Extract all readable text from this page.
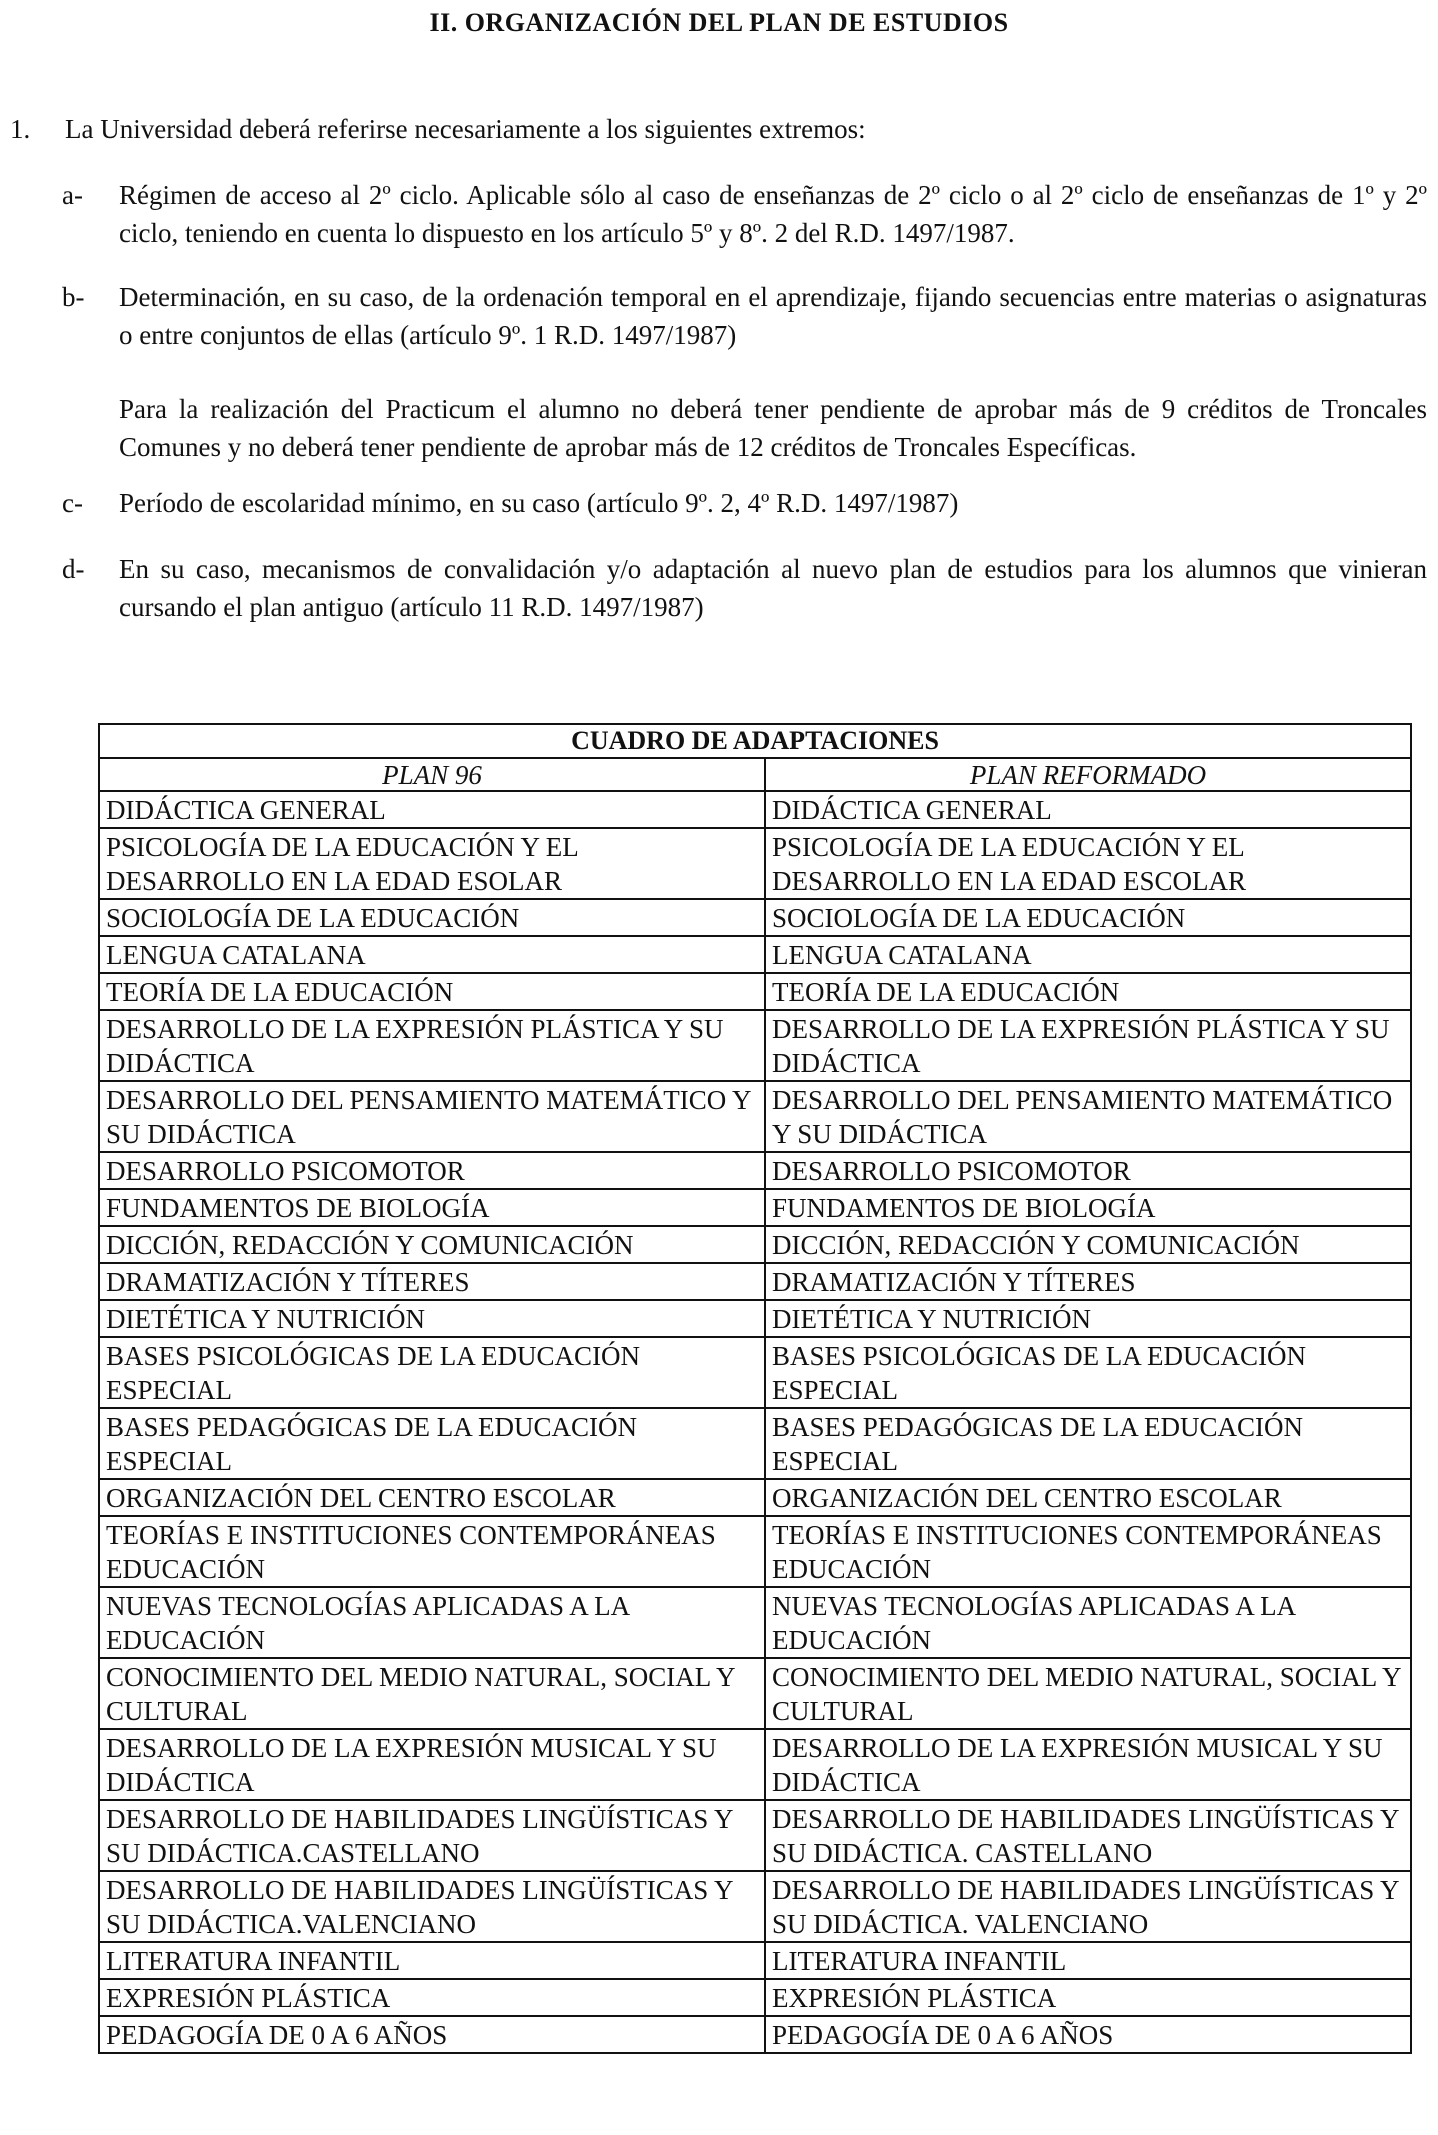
II. ORGANIZACIÓN DEL PLAN DE ESTUDIOS

1. La Universidad deberá referirse necesariamente a los siguientes extremos:

a-	Régimen de acceso al 2º ciclo. Aplicable sólo al caso de enseñanzas de 2º ciclo o al 2º ciclo de enseñanzas de 1º y 2º ciclo, teniendo en cuenta lo dispuesto en los artículo 5º y 8º. 2 del R.D. 1497/1987.

b-	Determinación, en su caso, de la ordenación temporal en el aprendizaje, fijando secuencias entre materias o asignaturas o entre conjuntos de ellas (artículo 9º. 1 R.D. 1497/1987)

Para la realización del Practicum el alumno no deberá tener pendiente de aprobar más de 9 créditos de Troncales Comunes y no deberá tener pendiente de aprobar más de 12 créditos de Troncales Específicas.

c-	Período de escolaridad mínimo, en su caso (artículo 9º. 2, 4º R.D. 1497/1987)

d-	En su caso, mecanismos de convalidación y/o adaptación al nuevo plan de estudios para los alumnos que vinieran cursando el plan antiguo (artículo 11 R.D. 1497/1987)

CUADRO DE ADAPTACIONES	
PLAN 96	PLAN REFORMADO
DIDÁCTICA GENERAL	DIDÁCTICA GENERAL
PSICOLOGÍA DE LA EDUCACIÓN Y EL DESARROLLO EN LA EDAD ESOLAR	PSICOLOGÍA DE LA EDUCACIÓN Y EL DESARROLLO EN LA EDAD ESCOLAR
SOCIOLOGÍA DE LA EDUCACIÓN	SOCIOLOGÍA DE LA EDUCACIÓN
LENGUA CATALANA	LENGUA CATALANA
TEORÍA DE LA EDUCACIÓN	TEORÍA DE LA EDUCACIÓN
DESARROLLO DE LA EXPRESIÓN PLÁSTICA Y SU DIDÁCTICA	DESARROLLO DE LA EXPRESIÓN PLÁSTICA Y SU DIDÁCTICA
DESARROLLO DEL PENSAMIENTO MATEMÁTICO Y SU DIDÁCTICA	DESARROLLO DEL PENSAMIENTO MATEMÁTICO Y SU DIDÁCTICA
DESARROLLO PSICOMOTOR	DESARROLLO PSICOMOTOR
FUNDAMENTOS DE BIOLOGÍA	FUNDAMENTOS DE BIOLOGÍA
DICCIÓN, REDACCIÓN Y COMUNICACIÓN	DICCIÓN, REDACCIÓN Y COMUNICACIÓN
DRAMATIZACIÓN Y TÍTERES	DRAMATIZACIÓN Y TÍTERES
DIETÉTICA Y NUTRICIÓN	DIETÉTICA Y NUTRICIÓN
BASES PSICOLÓGICAS DE LA EDUCACIÓN ESPECIAL	BASES PSICOLÓGICAS DE LA EDUCACIÓN ESPECIAL
BASES PEDAGÓGICAS DE LA EDUCACIÓN ESPECIAL	BASES PEDAGÓGICAS DE LA EDUCACIÓN ESPECIAL
ORGANIZACIÓN DEL CENTRO ESCOLAR	ORGANIZACIÓN DEL CENTRO ESCOLAR
TEORÍAS E INSTITUCIONES CONTEMPORÁNEAS EDUCACIÓN	TEORÍAS E INSTITUCIONES CONTEMPORÁNEAS EDUCACIÓN
NUEVAS TECNOLOGÍAS APLICADAS A LA EDUCACIÓN	NUEVAS TECNOLOGÍAS APLICADAS A LA EDUCACIÓN
CONOCIMIENTO DEL MEDIO NATURAL, SOCIAL Y CULTURAL	CONOCIMIENTO DEL MEDIO NATURAL, SOCIAL Y CULTURAL
DESARROLLO DE LA EXPRESIÓN MUSICAL Y SU DIDÁCTICA	DESARROLLO DE LA EXPRESIÓN MUSICAL Y SU DIDÁCTICA
DESARROLLO DE HABILIDADES LINGÜÍSTICAS Y SU DIDÁCTICA.CASTELLANO	DESARROLLO DE HABILIDADES LINGÜÍSTICAS Y SU DIDÁCTICA. CASTELLANO
DESARROLLO DE HABILIDADES LINGÜÍSTICAS Y SU DIDÁCTICA.VALENCIANO	DESARROLLO DE HABILIDADES LINGÜÍSTICAS Y SU DIDÁCTICA. VALENCIANO
LITERATURA INFANTIL	LITERATURA INFANTIL
EXPRESIÓN PLÁSTICA	EXPRESIÓN PLÁSTICA
PEDAGOGÍA DE 0 A 6 AÑOS	PEDAGOGÍA DE 0 A 6 AÑOS
